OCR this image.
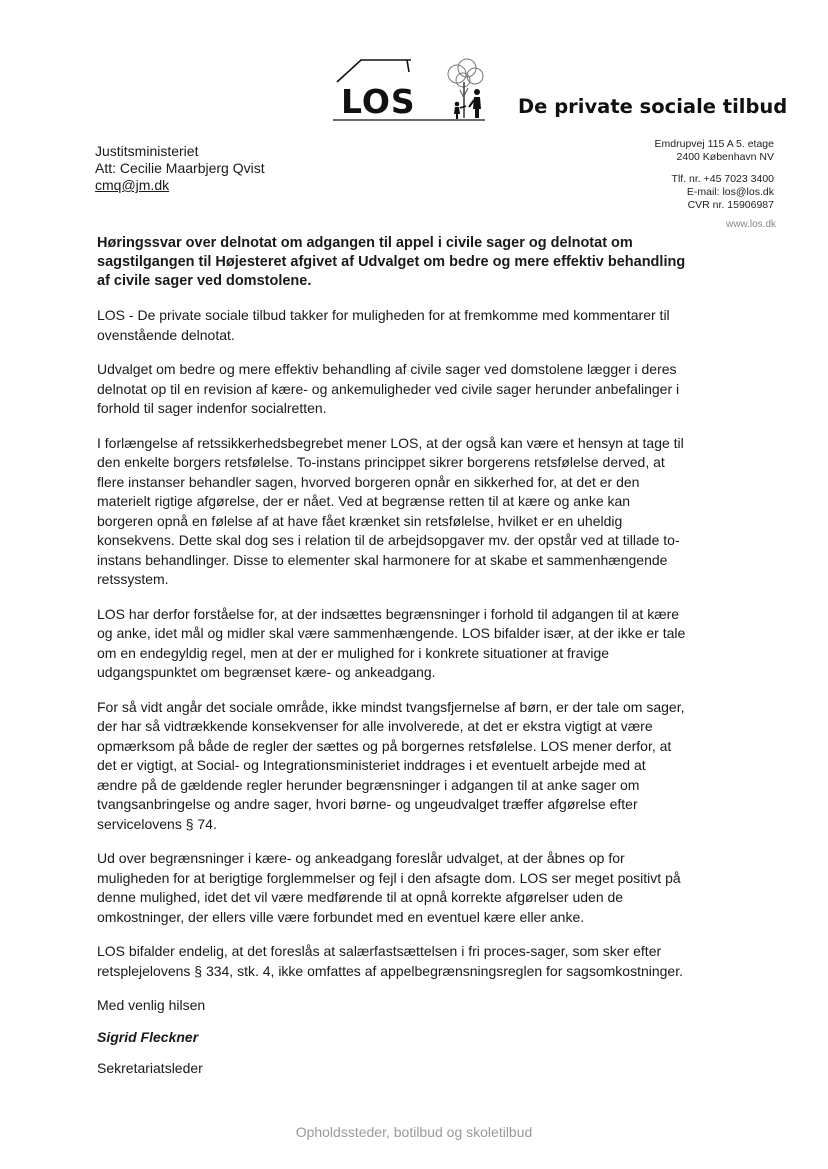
LOS	De private sociale tilbud
Justitsministeriet
Att: Cecilie Maarbjerg Qvist
cmq@jm.dk
Emdrupvej 115 A 5. etage
2400 København NV
Tlf. nr. +45 7023 3400
E-mail: los@los.dk
CVR nr. 15906987
www.los.dk
Høringssvar over delnotat om adgangen til appel i civile sager og delnotat om sagstilgangen til Højesteret afgivet af Udvalget om bedre og mere effektiv behandling af civile sager ved domstolene.

LOS - De private sociale tilbud takker for muligheden for at fremkomme med kommentarer til ovenstående delnotat.

Udvalget om bedre og mere effektiv behandling af civile sager ved domstolene lægger i deres delnotat op til en revision af kære- og ankemuligheder ved civile sager herunder anbefalinger i forhold til sager indenfor socialretten.

I forlængelse af retssikkerhedsbegrebet mener LOS, at der også kan være et hensyn at tage til den enkelte borgers retsfølelse. To-instans princippet sikrer borgerens retsfølelse derved, at flere instanser behandler sagen, hvorved borgeren opnår en sikkerhed for, at det er den materielt rigtige afgørelse, der er nået. Ved at begrænse retten til at kære og anke kan borgeren opnå en følelse af at have fået krænket sin retsfølelse, hvilket er en uheldig konsekvens. Dette skal dog ses i relation til de arbejdsopgaver mv. der opstår ved at tillade to-instans behandlinger. Disse to elementer skal harmonere for at skabe et sammenhængende retssystem.

LOS har derfor forståelse for, at der indsættes begrænsninger i forhold til adgangen til at kære og anke, idet mål og midler skal være sammenhængende. LOS bifalder især, at der ikke er tale om en endegyldig regel, men at der er mulighed for i konkrete situationer at fravige udgangspunktet om begrænset kære- og ankeadgang.

For så vidt angår det sociale område, ikke mindst tvangsfjernelse af børn, er der tale om sager, der har så vidtrækkende konsekvenser for alle involverede, at det er ekstra vigtigt at være opmærksom på både de regler der sættes og på borgernes retsfølelse. LOS mener derfor, at det er vigtigt, at Social- og Integrationsministeriet inddrages i et eventuelt arbejde med at ændre på de gældende regler herunder begrænsninger i adgangen til at anke sager om tvangsanbringelse og andre sager, hvori børne- og ungeudvalget træffer afgørelse efter servicelovens § 74.

Ud over begrænsninger i kære- og ankeadgang foreslår udvalget, at der åbnes op for muligheden for at berigtige forglemmelser og fejl i den afsagte dom. LOS ser meget positivt på denne mulighed, idet det vil være medførende til at opnå korrekte afgørelser uden de omkostninger, der ellers ville være forbundet med en eventuel kære eller anke.

LOS bifalder endelig, at det foreslås at salærfastsættelsen i fri proces-sager, som sker efter retsplejelovens § 334, stk. 4, ikke omfattes af appelbegrænsningsreglen for sagsomkostninger.

Med venlig hilsen

Sigrid Fleckner

Sekretariatsleder

Opholdssteder, botilbud og skoletilbud
